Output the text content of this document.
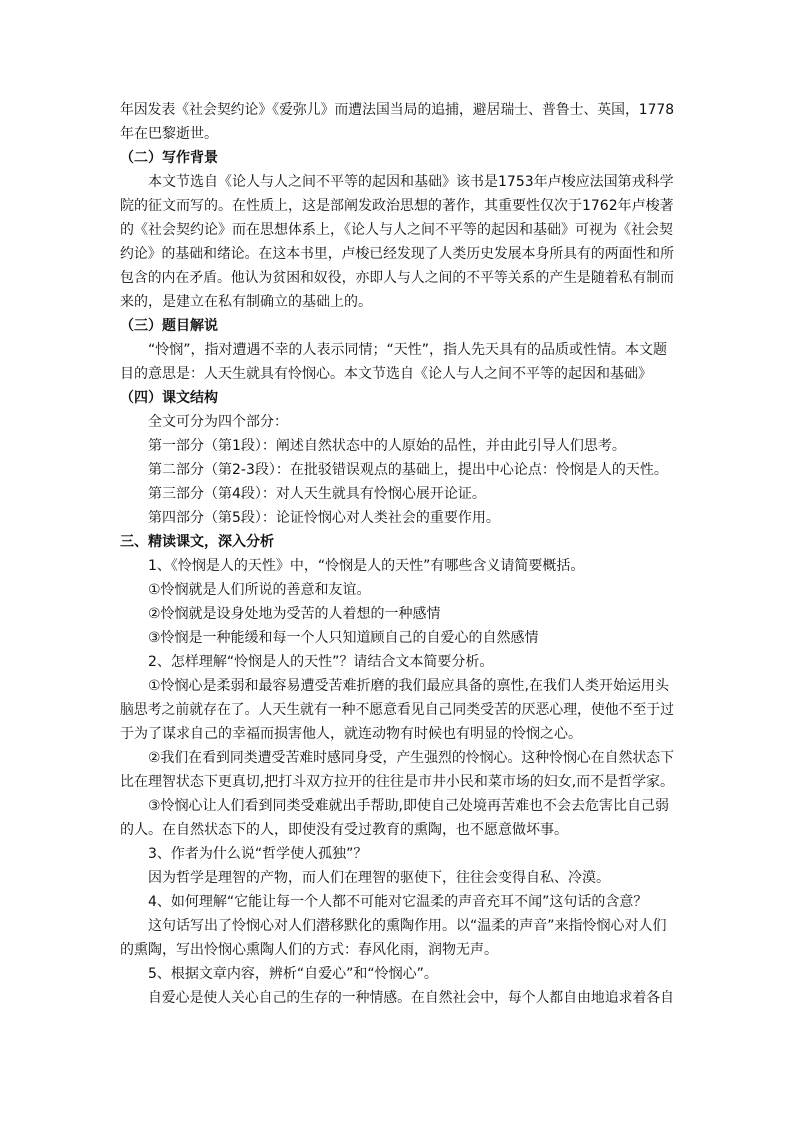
年因发表《社会契约论》《爱弥儿》而遭法国当局的追捕，避居瑞士、普鲁士、英国，1778
年在巴黎逝世。
（二）写作背景
本文节选自《论人与人之间不平等的起因和基础》该书是1753年卢梭应法国第戎科学
院的征文而写的。在性质上，这是部阐发政治思想的著作，其重要性仅次于1762年卢梭著
的《社会契约论》而在思想体系上，《论人与人之间不平等的起因和基础》可视为《社会契
约论》的基础和绪论。在这本书里，卢梭已经发现了人类历史发展本身所具有的两面性和所
包含的内在矛盾。他认为贫困和奴役，亦即人与人之间的不平等关系的产生是随着私有制而
来的，是建立在私有制确立的基础上的。
（三）题目解说
“怜悯”，指对遭遇不幸的人表示同情；“天性”，指人先天具有的品质或性情。本文题
目的意思是：人天生就具有怜悯心。本文节选自《论人与人之间不平等的起因和基础》
（四）课文结构
全文可分为四个部分：
第一部分（第1段）：阐述自然状态中的人原始的品性，并由此引导人们思考。
第二部分（第2-3段）：在批驳错误观点的基础上，提出中心论点：怜悯是人的天性。
第三部分（第4段）：对人天生就具有怜悯心展开论证。
第四部分（第5段）：论证怜悯心对人类社会的重要作用。
三、精读课文，深入分析
1、《怜悯是人的天性》中，“怜悯是人的天性”有哪些含义请简要概括。
①怜悯就是人们所说的善意和友谊。
②怜悯就是设身处地为受苦的人着想的一种感情
③怜悯是一种能缓和每一个人只知道顾自己的自爱心的自然感情
2、怎样理解“怜悯是人的天性”？请结合文本简要分析。
①怜悯心是柔弱和最容易遭受苦难折磨的我们最应具备的禀性,在我们人类开始运用头
脑思考之前就存在了。人天生就有一种不愿意看见自己同类受苦的厌恶心理，使他不至于过
于为了谋求自己的幸福而损害他人，就连动物有时候也有明显的怜悯之心。
②我们在看到同类遭受苦难时感同身受，产生强烈的怜悯心。这种怜悯心在自然状态下
比在理智状态下更真切,把打斗双方拉开的往往是市井小民和菜市场的妇女,而不是哲学家。
③怜悯心让人们看到同类受难就出手帮助,即使自己处境再苦难也不会去危害比自己弱
的人。在自然状态下的人，即使没有受过教育的熏陶，也不愿意做坏事。
3、作者为什么说“哲学使人孤独”？
因为哲学是理智的产物，而人们在理智的驱使下，往往会变得自私、冷漠。
4、如何理解“它能让每一个人都不可能对它温柔的声音充耳不闻”这句话的含意？
这句话写出了怜悯心对人们潜移默化的熏陶作用。以“温柔的声音”来指怜悯心对人们
的熏陶，写出怜悯心熏陶人们的方式：春风化雨，润物无声。
5、根据文章内容，辨析“自爱心”和“怜悯心”。
自爱心是使人关心自己的生存的一种情感。在自然社会中，每个人都自由地追求着各自
